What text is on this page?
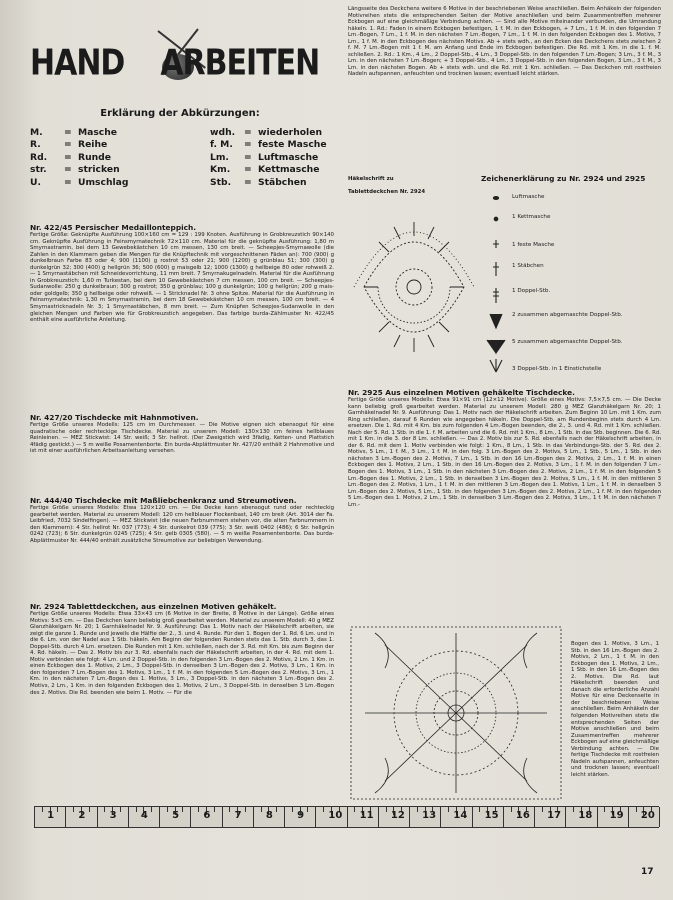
HAND ARBEITEN
Erklärung der Abkürzungen:
M. = Masche
R.	= Reihe
Rd. = Runde
str. = stricken
U.	= Umschlag
wdh. = wiederholen
f. M. = feste Masche
Lm. = Luftmasche
Km. = Kettmasche
Stb. = Stäbchen

Nr. 422/45 Persischer Medaillonteppich.

Fertige Größe: Geknüpfte Ausführung 100×160 cm = 129 : 199 Knoten. Ausführung in Grobkreuzstich 90×140 cm. Geknüpfte Ausführung in Feinsmyrnatechnik 72×110 cm. Material für die geknüpfte Ausführung: 1,80 m Smyrnastramin, bei dem 13 Gewebekästchen 10 cm messen, 130 cm breit. — Scheepjes-Smyrnawolle (die Zahlen in den Klammern geben die Mengen für die Knüpftechnik mit vorgeschnittenen Fäden an): 700 (900) g dunkelbraun Farbe 83 oder 4; 900 (1100) g rostrot 53 oder 21; 900 (1200) g grünblau 51; 300 (300) g dunkelgrün 32; 300 (400) g hellgrün 36; 500 (600) g maisgelb 12; 1000 (1300) g hellbeige 80 oder rohweiß 2. — 1 Smyrnastäbchen mit Schneidevorrichtung, 11 mm breit. 7 Smyrnakugelnadeln. Material für die Ausführung in Grobkreuzstich: 1,60 m Turkestan, bei dem 10 Gewebekästchen 7 cm messen, 100 cm breit. — Scheepjes-Sudanwolle: 250 g dunkelbraun; 300 g rostrot; 350 g grünblau; 100 g dunkelgrün; 100 g hellgrün; 200 g mais- oder goldgelb; 350 g hellbeige oder rohweiß. — 1 Stricknadel Nr. 3 ohne Spitze. Material für die Ausführung in Feinsmyrnatechnik: 1,30 m Smyrnastramin, bei dem 18 Gewebekästchen 10 cm messen, 100 cm breit. — 4 Smyrnastricknadeln Nr. 3; 1 Smyrnastäbchen, 8 mm breit. — Zum Knüpfen Scheepjes-Sudanwolle in den gleichen Mengen und Farben wie für Grobkreuzstich angegeben. Das farbige burda-Zählmuster Nr. 422/45 enthält eine ausführliche Anleitung.

Nr. 427/20 Tischdecke mit Hahnmotiven.

Fertige Größe unseres Modells: 125 cm im Durchmesser. — Die Motive eignen sich ebensogut für eine quadratische oder rechteckige Tischdecke. Material zu unserem Modell: 130×130 cm feines hellblaues Reinleinen. — MEZ Stickwist: 14 Str. weiß; 3 Str. hellrot. (Der Zweigstich wird 3fädig, Ketten- und Plattstich 4fädig gestickt.) — 5 m weiße Posamentenborte. Ein burda-Abplättmuster Nr. 427/20 enthält 2 Hahnmotive und ist mit einer ausführlichen Arbeitsanleitung versehen.

Nr. 444/40 Tischdecke mit Maßliebchenkranz und Streumotiven.

Fertige Größe unseres Modells: Etwa 120×120 cm. — Die Decke kann ebensogut rund oder rechteckig gearbeitet werden. Material zu unserem Modell: 120 cm hellblauer Flockenbast, 140 cm breit (Art. 3014 der Fa. Leibfried, 7032 Sindelfingen). — MEZ Stickwist (die neuen Farbnummern stehen vor, die alten Farbnummern in den Klammern): 4 Str. hellrot Nr. 037 (773); 4 Str. dunkelrot 039 (775); 3 Str. weiß 0402 (486); 6 Str. hellgrün 0242 (723); 6 Str. dunkelgrün 0245 (725); 4 Str. gelb 0305 (580). — 5 m weiße Posamentenborte. Das burda-Abplättmuster Nr. 444/40 enthält zusätzliche Streumotive zur beliebigen Verwendung.

Nr. 2924 Tablettdeckchen, aus einzelnen Motiven gehäkelt.

Fertige Größe unseres Modells: Etwa 33×43 cm (6 Motive in der Breite, 8 Motive in der Länge). Größe eines Motivs: 5×5 cm. — Das Deckchen kann beliebig groß gearbeitet werden. Material zu unserem Modell: 40 g MEZ Glanzhäkelgarn Nr. 20; 1 Garnhäkelnadel Nr. 9. Ausführung: Das 1. Motiv nach der Häkelschrift arbeiten, sie zeigt die ganze 1. Runde und jeweils die Hälfte der 2., 3. und 4. Runde. Für den 1. Bogen der 1. Rd. 6 Lm. und in die 6. Lm. von der Nadel aus 1 Stb. häkeln. Am Beginn der folgenden Runden stets das 1. Stb. durch 3, das 1. Doppel-Stb. durch 4 Lm. ersetzen. Die Runden mit 1 Km. schließen, nach der 3. Rd. mit Km. bis zum Beginn der 4. Rd. häkeln. — Das 2. Motiv bis zur 3. Rd. ebenfalls nach der Häkelschrift arbeiten, in der 4. Rd. mit dem 1. Motiv verbinden wie folgt: 4 Lm. und 2 Doppel-Stb. in den folgenden 3 Lm.-Bogen des 2. Motivs, 2 Lm. 1 Km. in einen Eckbogen des 1. Motivs, 2 Lm., 3 Doppel-Stb. in denselben 3 Lm.-Bogen des 2. Motivs, 3 Lm., 1 Km. in den folgenden 7 Lm.-Bogen des 1. Motivs, 3 Lm., 1 f. M. in den folgenden 5 Lm.-Bogen des 2. Motivs, 3 Lm., 1 Km. in den nächsten 7 Lm.-Bogen des 1. Motivs, 3 Lm., 3 Doppel-Stb. in den nächsten 3 Lm.-Bogen des 2. Motivs, 2 Lm., 1 Km. in den folgenden Eckbogen des 1. Motivs, 2 Lm., 3 Doppel-Stb. in denselben 3 Lm.-Bogen des 2. Motivs. Die Rd. beenden wie beim 1. Motiv. — Für die

Längsseite des Deckchens weitere 6 Motive in der beschriebenen Weise anschließen. Beim Anhäkeln der folgenden Motivreihen stets die entsprechenden Seiten der Motive anschließen und beim Zusammentreffen mehrerer Eckbogen auf eine gleichmäßige Verbindung achten. — Sind alle Motive miteinander verbunden, die Umrandung häkeln. 1. Rd.: Faden in einem Eckbogen befestigen, 1 f. M. in den Eckbogen, + 7 Lm., 1 f. M. in den folgenden 7 Lm.-Bogen, 7 Lm., 1 f. M. in den nächsten 7 Lm.-Bogen, 7 Lm., 1 f. M. in den folgenden Eckbogen des 1. Motivs, 7 Lm., 1 f. M. in den Eckbogen des nächsten Motivs. Ab + stets wdh., an den Ecken des Deckchens stets zwischen 2 f. M. 7 Lm.-Bogen mit 1 f. M. am Anfang und Ende im Eckbogen befestigen. Die Rd. mit 1 Km. in die 1. f. M. schließen. 2. Rd.: 1 Km., 4 Lm., 2 Doppel-Stb., 4 Lm., 3 Doppel-Stb. in den folgenden 7 Lm.-Bogen; 3 Lm., 3 f. M., 3 Lm. in den nächsten 7 Lm.-Bogen; + 3 Doppel-Stb., 4 Lm., 3 Doppel-Stb. in den folgenden Bogen, 3 Lm., 3 f. M., 3 Lm. in den nächsten Bogen. Ab + stets wdh. und die Rd. mit 1 Km. schließen. — Das Deckchen mit rostfreien Nadeln aufspannen, anfeuchten und trocknen lassen; eventuell leicht stärken.

Häkelschrift zu

Tablettdeckchen Nr. 2924

Zeichenerklärung zu Nr. 2924 und 2925
Luftmasche
1 Kettmasche
1 feste Masche
1 Stäbchen
1 Doppel-Stb.
2 zusammen abgemaschte Doppel-Stb.
5 zusammen abgemaschte Doppel-Stb.
3 Doppel-Stb. in 1 Einstichstelle

Nr. 2925 Aus einzelnen Motiven gehäkelte Tischdecke.

Fertige Größe unseres Modells: Etwa 91×91 cm (12×12 Motive). Größe eines Motivs: 7,5×7,5 cm. — Die Decke kann beliebig groß gearbeitet werden. Material zu unserem Modell: 280 g MEZ Glanzhäkelgarn Nr. 20; 1 Garnhäkelnadel Nr. 9. Ausführung: Das 1. Motiv nach der Häkelschrift arbeiten. Zum Beginn 10 Lm. mit 1 Km. zum Ring schließen, darauf 6 Runden wie angegeben häkeln. Die Doppel-Stb. am Rundenbeginn stets durch 4 Lm. ersetzen. Die 1. Rd. mit 4 Km. bis zum folgenden 4 Lm.-Bogen beenden, die 2., 3. und 4. Rd. mit 1 Km. schließen. Nach der 5. Rd. 1 Stb. in die 1. f. M. arbeiten und die 6. Rd. mit 1 Km., 8 Lm., 1 Stb. in das Stb. beginnen. Die 6. Rd. mit 1 Km. in die 3. der 8 Lm. schließen. — Das 2. Motiv bis zur 5. Rd. ebenfalls nach der Häkelschrift arbeiten, in der 6. Rd. mit dem 1. Motiv verbinden wie folgt: 1 Km., 8 Lm., 1 Stb. in das Verbindungs-Stb. der 5. Rd. des 2. Motivs, 5 Lm., 1 f. M., 3 Lm., 1 f. M. in den folg. 3 Lm.-Bogen des 2. Motivs, 5 Lm., 1 Stb., 5 Lm., 1 Stb. in den nächsten 3 Lm.-Bogen des 2. Motivs, 7 Lm., 1 Stb. in den 16 Lm.-Bogen des 2. Motivs, 2 Lm., 1 f. M. in einen Eckbogen des 1. Motivs, 2 Lm., 1 Stb. in den 16 Lm.-Bogen des 2. Motivs, 3 Lm., 1 f. M. in den folgenden 7 Lm.-Bogen des 1. Motivs, 3 Lm., 1 Stb. in den nächsten 3 Lm.-Bogen des 2. Motivs, 2 Lm., 1 f. M. in den folgenden 5 Lm.-Bogen des 1. Motivs, 2 Lm., 1 Stb. in denselben 3 Lm.-Bogen des 2. Motivs, 5 Lm., 1 f. M. in den mittleren 3 Lm.-Bogen des 2. Motivs, 1 Lm., 1 f. M. in den mittleren 3 Lm.-Bogen des 1. Motivs, 1 Lm., 1 f. M. in denselben 3 Lm.-Bogen des 2. Motivs, 5 Lm., 1 Stb. in den folgenden 3 Lm.-Bogen des 2. Motivs, 2 Lm., 1 f. M. in den folgenden 5 Lm.-Bogen des 1. Motivs, 2 Lm., 1 Stb. in denselben 3 Lm.-Bogen des 2. Motivs, 3 Lm., 1 f. M. in den nächsten 7 Lm.-

Bogen des 1. Motivs, 3 Lm., 1 Stb. in den 16 Lm.-Bogen des 2. Motivs, 2 Lm., 1 f. M. in den Eckbogen des 1. Motivs, 2 Lm., 1 Stb. in den 16 Lm.-Bogen des 2. Motivs. Die Rd. laut Häkelschrift beenden und danach die erforderliche Anzahl Motive für eine Deckenseite in der beschriebenen Weise anschließen. Beim Anhäkeln der folgenden Motivreihen stets die entsprechenden Seiten der Motive anschließen und beim Zusammentreffen mehrerer Eckbogen auf eine gleichmäßige Verbindung achten. — Die fertige Tischdecke mit rostfreien Nadeln aufspannen, anfeuchten und trocknen lassen; eventuell leicht stärken.

1 2 3 4 5 6 7 8 9 10 11 12 13 14 15 16 17 18 19 20
17
